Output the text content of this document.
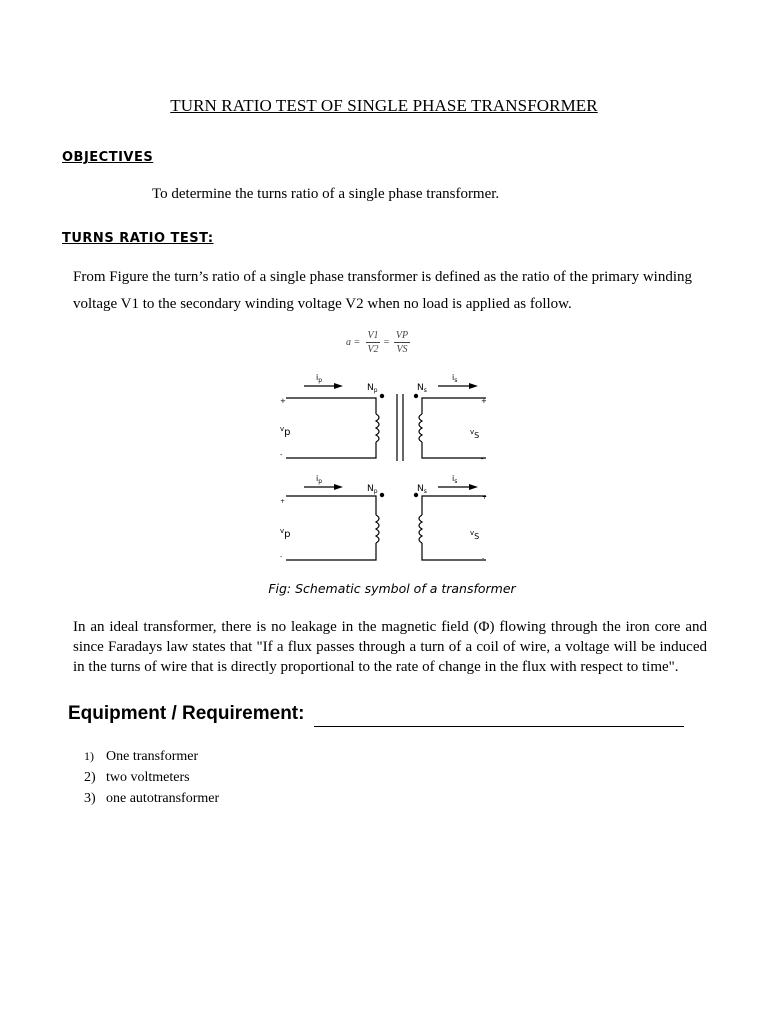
TURN RATIO TEST OF SINGLE PHASE TRANSFORMER
OBJECTIVES
To determine the turns ratio of a single phase transformer.
TURNS RATIO TEST:
From Figure the turn’s ratio of a single phase transformer is defined as the ratio of the primary winding
voltage V1 to the secondary winding voltage V2 when no load is applied as follow.
a =
V1
V2
=
VP
VS
$i_p$	$i_s$
$N_p$	$N_s$
+
-
+
-
$^v$p	$^v_S$
$i_p$	$i_s$
$N_p$	$N_s$
+
-
+
-
$^v$p	$^v_S$
Fig: Schematic symbol of a transformer
In an ideal transformer, there is no leakage in the magnetic field (Φ) flowing through the iron core and since Faradays law states that "If a flux passes through a turn of a coil of wire, a voltage will be induced in the turns of wire that is directly proportional to the rate of change in the flux with respect to time".
Equipment / Requirement:
1) One transformer
2) two voltmeters
3) one autotransformer
